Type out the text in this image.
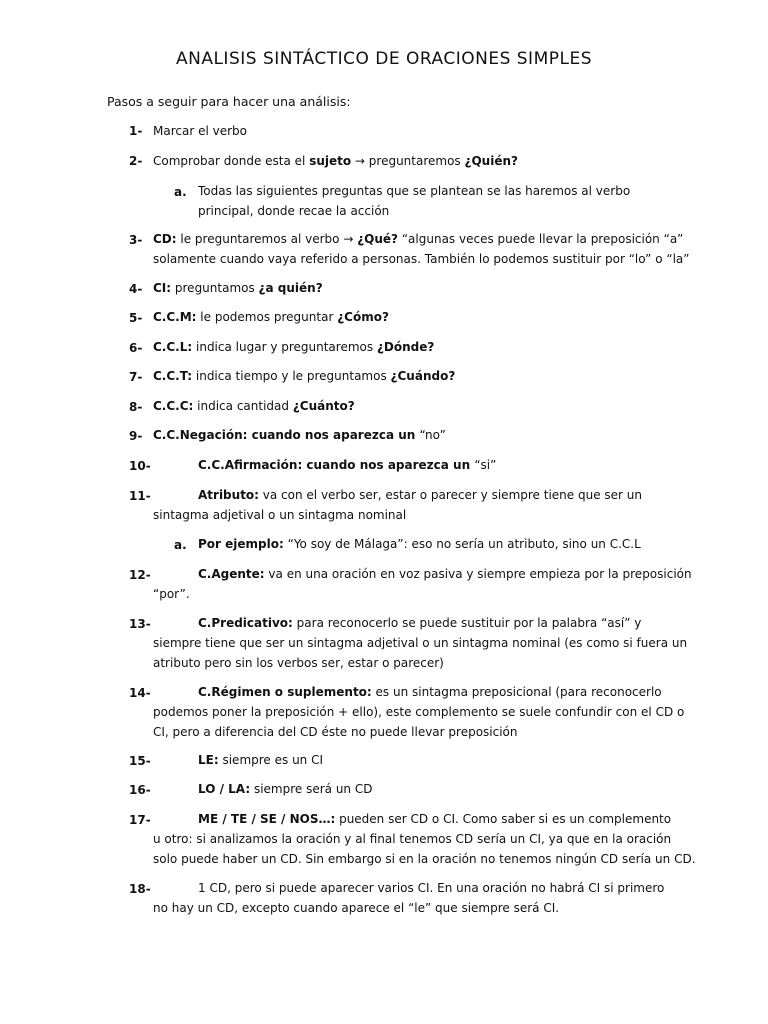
ANALISIS SINTÁCTICO DE ORACIONES SIMPLES
Pasos a seguir para hacer una análisis:
1- Marcar el verbo
2- Comprobar donde esta el sujeto → preguntaremos ¿Quién?
a. Todas las siguientes preguntas que se plantean se las haremos al verbo
principal, donde recae la acción
3- CD: le preguntaremos al verbo → ¿Qué? “algunas veces puede llevar la preposición “a”
solamente cuando vaya referido a personas. También lo podemos sustituir por “lo” o “la”
4- CI: preguntamos ¿a quién?
5- C.C.M: le podemos preguntar ¿Cómo?
6- C.C.L: indica lugar y preguntaremos ¿Dónde?
7- C.C.T: indica tiempo y le preguntamos ¿Cuándo?
8- C.C.C: indica cantidad ¿Cuánto?
9- C.C.Negación: cuando nos aparezca un “no”
10-	C.C.Afirmación: cuando nos aparezca un “si”
11-	Atributo: va con el verbo ser, estar o parecer y siempre tiene que ser un
sintagma adjetival o un sintagma nominal
a. Por ejemplo: “Yo soy de Málaga”: eso no sería un atributo, sino un C.C.L
12-	C.Agente: va en una oración en voz pasiva y siempre empieza por la preposición
“por”.
13-	C.Predicativo: para reconocerlo se puede sustituir por la palabra “así” y
siempre tiene que ser un sintagma adjetival o un sintagma nominal (es como si fuera un
atributo pero sin los verbos ser, estar o parecer)
14-	C.Régimen o suplemento: es un sintagma preposicional (para reconocerlo
podemos poner la preposición + ello), este complemento se suele confundir con el CD o
CI, pero a diferencia del CD éste no puede llevar preposición
15-	LE: siempre es un CI
16-	LO / LA: siempre será un CD
17-	ME / TE / SE / NOS…: pueden ser CD o CI. Como saber si es un complemento
u otro: si analizamos la oración y al final tenemos CD sería un CI, ya que en la oración
solo puede haber un CD. Sin embargo si en la oración no tenemos ningún CD sería un CD.
18-	1 CD, pero si puede aparecer varios CI. En una oración no habrá CI si primero
no hay un CD, excepto cuando aparece el “le” que siempre será CI.
